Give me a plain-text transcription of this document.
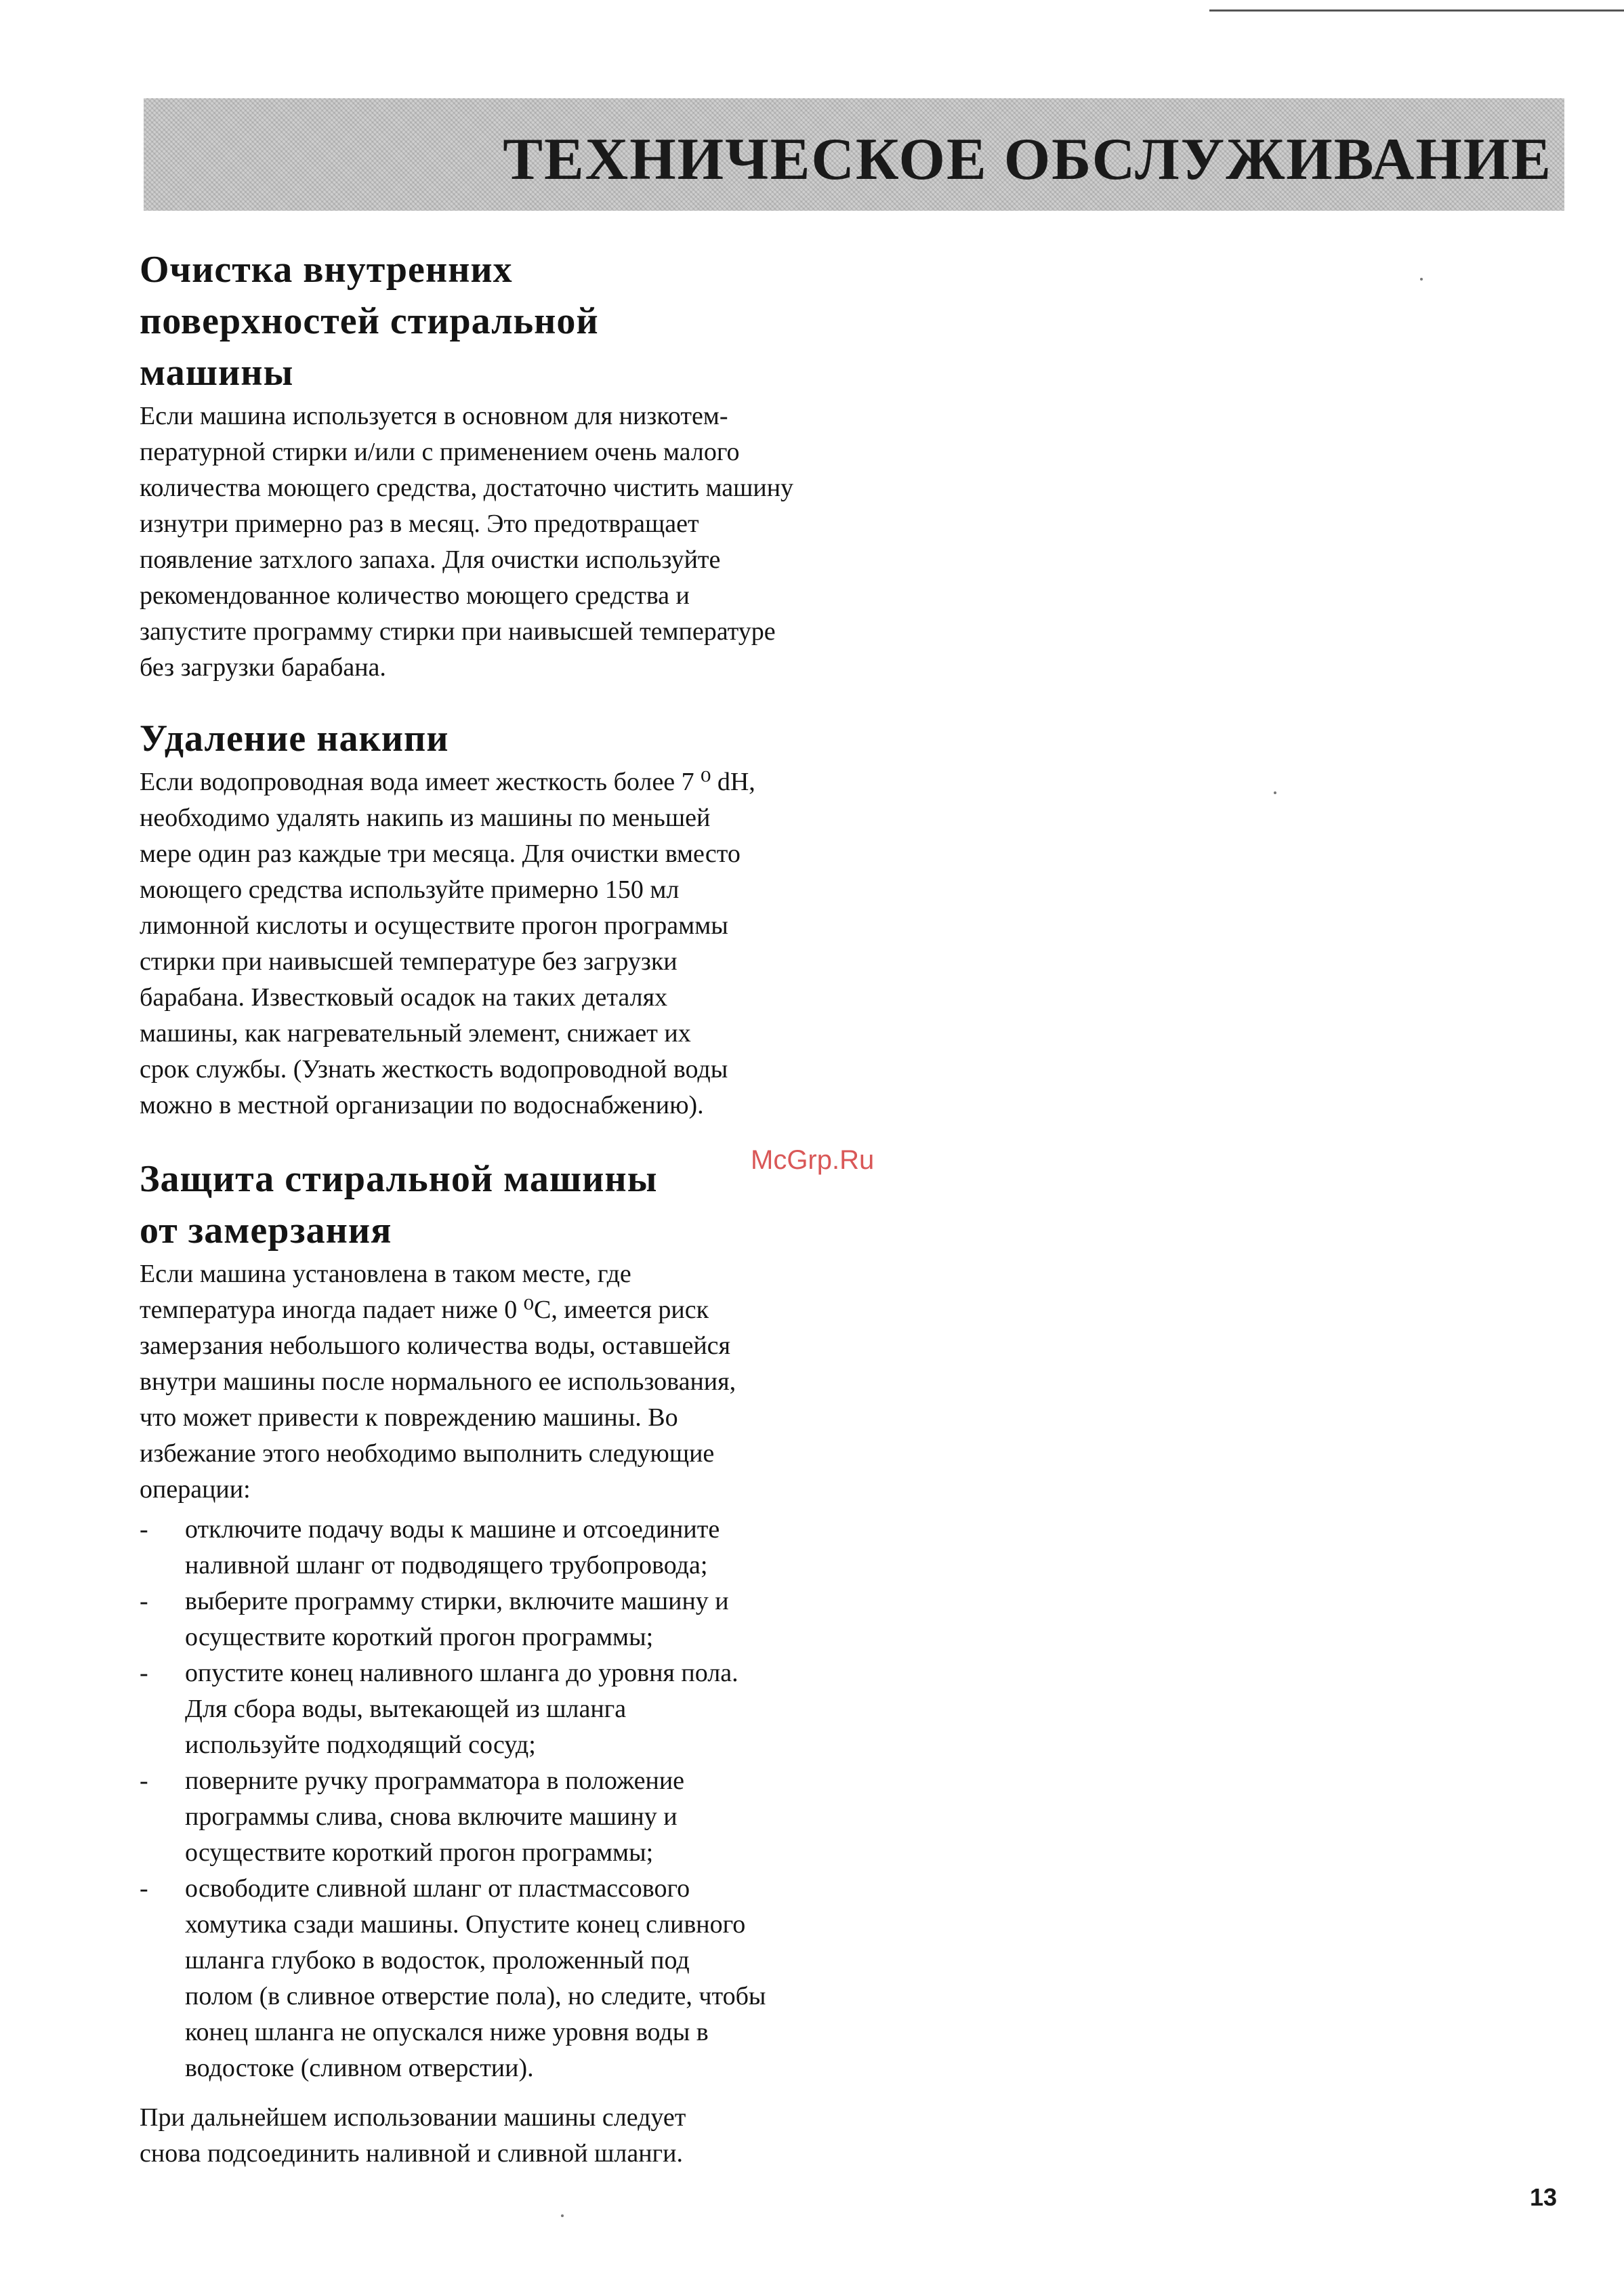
ТЕХНИЧЕСКОЕ ОБСЛУЖИВАНИЕ
Очистка внутренних
поверхностей стиральной
машины

Если машина используется в основном для низкотем-
пературной стирки и/или с применением очень малого
количества моющего средства, достаточно чистить машину
изнутри примерно раз в месяц. Это предотвращает
появление затхлого запаха. Для очистки используйте
рекомендованное количество моющего средства и
запустите программу стирки при наивысшей температуре
без загрузки барабана.

Удаление накипи

Если водопроводная вода имеет жесткость более 7 ⁰ dH,
необходимо удалять накипь из машины по меньшей
мере один раз каждые три месяца. Для очистки вместо
моющего средства используйте примерно 150 мл
лимонной кислоты и осуществите прогон программы
стирки при наивысшей температуре без загрузки
барабана. Известковый осадок на таких деталях
машины, как нагревательный элемент, снижает их
срок службы. (Узнать жесткость водопроводной воды
можно в местной организации по водоснабжению).

Защита стиральной машины
от замерзания

Если машина установлена в таком месте, где
температура иногда падает ниже 0 ⁰С, имеется риск
замерзания небольшого количества воды, оставшейся
внутри машины после нормального ее использования,
что может привести к повреждению машины. Во
избежание этого необходимо выполнить следующие
операции:

- отключите подачу воды к машине и отсоедините
наливной шланг от подводящего трубопровода;
- выберите программу стирки, включите машину и
осуществите короткий прогон программы;
- опустите конец наливного шланга до уровня пола.
Для сбора воды, вытекающей из шланга
используйте подходящий сосуд;
- поверните ручку программатора в положение
программы слива, снова включите машину и
осуществите короткий прогон программы;
- освободите сливной шланг от пластмассового
хомутика сзади машины. Опустите конец сливного
шланга глубоко в водосток, проложенный под
полом (в сливное отверстие пола), но следите, чтобы
конец шланга не опускался ниже уровня воды в
водостоке (сливном отверстии).

При дальнейшем использовании машины следует
снова подсоединить наливной и сливной шланги.

McGrp.Ru
13
